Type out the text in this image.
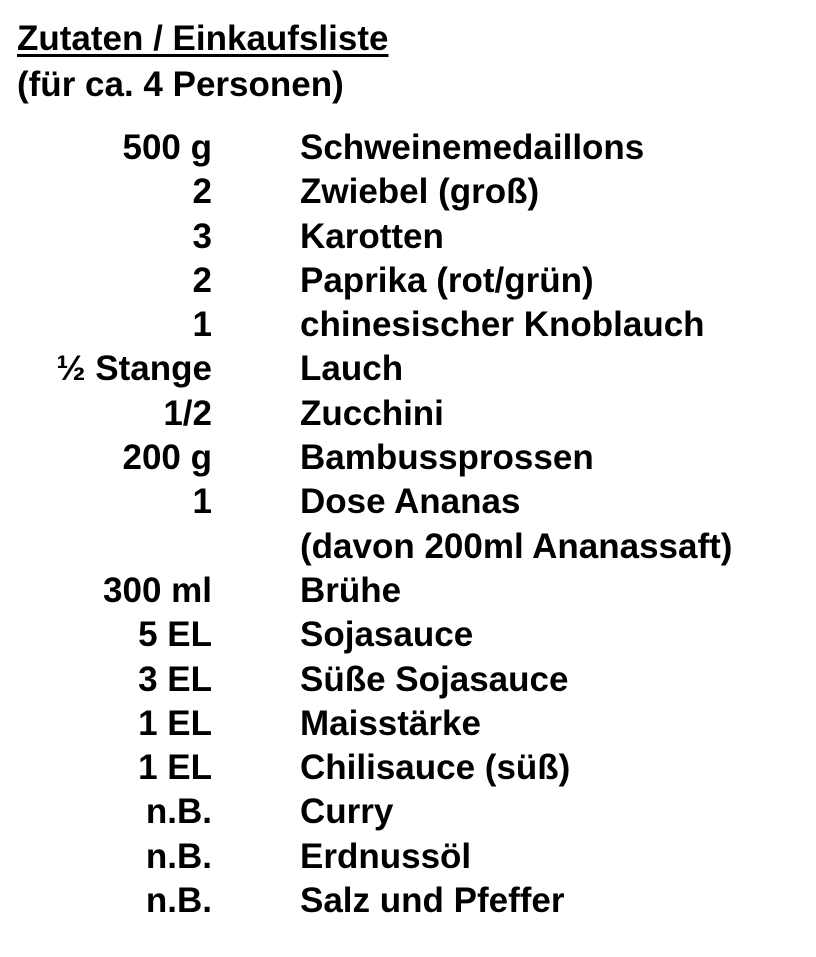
Zutaten / Einkaufsliste
(für ca. 4 Personen)
500 g	Schweinemedaillons
2	Zwiebel (groß)
3	Karotten
2	Paprika (rot/grün)
1	chinesischer Knoblauch
½ Stange	Lauch
1/2	Zucchini
200 g	Bambussprossen
1	Dose Ananas
(davon 200ml Ananassaft)
300 ml	Brühe
5 EL	Sojasauce
3 EL	Süße Sojasauce
1 EL	Maisstärke
1 EL	Chilisauce (süß)
n.B.	Curry
n.B.	Erdnussöl
n.B.	Salz und Pfeffer
